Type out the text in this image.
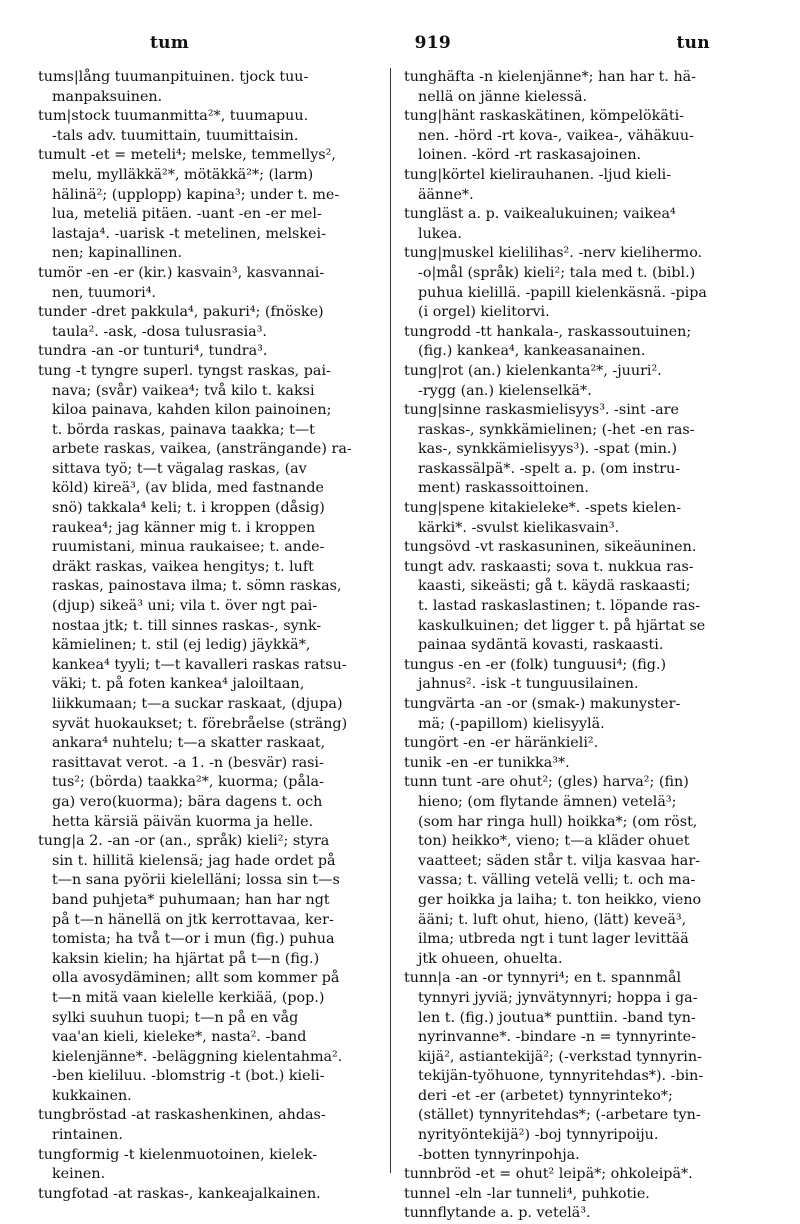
tum	919	tun
tums|lång tuumanpituinen. tjock tuu-
manpaksuinen.
tum|stock tuumanmitta²*, tuumapuu.
-tals adv. tuumittain, tuumittaisin.
tumult -et = meteli⁴; melske, temmellys²,
melu, mylläkkä²*, mötäkkä²*; (larm)
hälinä²; (upplopp) kapina³; under t. me-
lua, meteliä pitäen. -uant -en -er mel-
lastaja⁴. -uarisk -t metelinen, melskei-
nen; kapinallinen.
tumör -en -er (kir.) kasvain³, kasvannai-
nen, tuumori⁴.
tunder -dret pakkula⁴, pakuri⁴; (fnöske)
taula². -ask, -dosa tulusrasia³.
tundra -an -or tunturi⁴, tundra³.
tung -t tyngre superl. tyngst raskas, pai-
nava; (svår) vaikea⁴; två kilo t. kaksi
kiloa painava, kahden kilon painoinen;
t. börda raskas, painava taakka; t—t
arbete raskas, vaikea, (ansträngande) ra-
sittava työ; t—t vägalag raskas, (av
köld) kireä³, (av blida, med fastnande
snö) takkala⁴ keli; t. i kroppen (dåsig)
raukea⁴; jag känner mig t. i kroppen
ruumistani, minua raukaisee; t. ande-
dräkt raskas, vaikea hengitys; t. luft
raskas, painostava ilma; t. sömn raskas,
(djup) sikeä³ uni; vila t. över ngt pai-
nostaa jtk; t. till sinnes raskas-, synk-
kämielinen; t. stil (ej ledig) jäykkä*,
kankea⁴ tyyli; t—t kavalleri raskas ratsu-
väki; t. på foten kankea⁴ jaloiltaan,
liikkumaan; t—a suckar raskaat, (djupa)
syvät huokaukset; t. förebråelse (sträng)
ankara⁴ nuhtelu; t—a skatter raskaat,
rasittavat verot. -a 1. -n (besvär) rasi-
tus²; (börda) taakka²*, kuorma; (påla-
ga) vero(kuorma); bära dagens t. och
hetta kärsiä päivän kuorma ja helle.
tung|a 2. -an -or (an., språk) kieli²; styra
sin t. hillitä kielensä; jag hade ordet på
t—n sana pyörii kielelläni; lossa sin t—s
band puhjeta* puhumaan; han har ngt
på t—n hänellä on jtk kerrottavaa, ker-
tomista; ha två t—or i mun (fig.) puhua
kaksin kielin; ha hjärtat på t—n (fig.)
olla avosydäminen; allt som kommer på
t—n mitä vaan kielelle kerkiää, (pop.)
sylki suuhun tuopi; t—n på en våg
vaa'an kieli, kieleke*, nasta². -band
kielenjänne*. -beläggning kielentahma².
-ben kieliluu. -blomstrig -t (bot.) kieli-
kukkainen.
tungbröstad -at raskashenkinen, ahdas-
rintainen.
tungformig -t kielenmuotoinen, kielek-
keinen.
tungfotad -at raskas-, kankeajalkainen.
tunghäfta -n kielenjänne*; han har t. hä-
nellä on jänne kielessä.
tung|hänt raskaskätinen, kömpelökäti-
nen. -hörd -rt kova-, vaikea-, vähäkuu-
loinen. -körd -rt raskasajoinen.
tung|körtel kielirauhanen. -ljud kieli-
äänne*.
tungläst a. p. vaikealukuinen; vaikea⁴
lukea.
tung|muskel kielilihas². -nerv kielihermo.
-o|mål (språk) kieli²; tala med t. (bibl.)
puhua kielillä. -papill kielenkäsnä. -pipa
(i orgel) kielitorvi.
tungrodd -tt hankala-, raskassoutuinen;
(fig.) kankea⁴, kankeasanainen.
tung|rot (an.) kielenkanta²*, -juuri².
-rygg (an.) kielenselkä*.
tung|sinne raskasmielisyys³. -sint -are
raskas-, synkkämielinen; (-het -en ras-
kas-, synkkämielisyys³). -spat (min.)
raskassälpä*. -spelt a. p. (om instru-
ment) raskassoittoinen.
tung|spene kitakieleke*. -spets kielen-
kärki*. -svulst kielikasvain³.
tungsövd -vt raskasuninen, sikeäuninen.
tungt adv. raskaasti; sova t. nukkua ras-
kaasti, sikeästi; gå t. käydä raskaasti;
t. lastad raskaslastinen; t. löpande ras-
kaskulkuinen; det ligger t. på hjärtat se
painaa sydäntä kovasti, raskaasti.
tungus -en -er (folk) tunguusi⁴; (fig.)
jahnus². -isk -t tunguusilainen.
tungvärta -an -or (smak-) makunyster-
mä; (-papillom) kielisyylä.
tungört -en -er häränkieli².
tunik -en -er tunikka³*.
tunn tunt -are ohut²; (gles) harva²; (fin)
hieno; (om flytande ämnen) vetelä³;
(som har ringa hull) hoikka*; (om röst,
ton) heikko*, vieno; t—a kläder ohuet
vaatteet; säden står t. vilja kasvaa har-
vassa; t. välling vetelä velli; t. och ma-
ger hoikka ja laiha; t. ton heikko, vieno
ääni; t. luft ohut, hieno, (lätt) keveä³,
ilma; utbreda ngt i tunt lager levittää
jtk ohueen, ohuelta.
tunn|a -an -or tynnyri⁴; en t. spannmål
tynnyri jyviä; jynvätynnyri; hoppa i ga-
len t. (fig.) joutua* punttiin. -band tyn-
nyrinvanne*. -bindare -n = tynnyrinte-
kijä², astiantekijä²; (-verkstad tynnyrin-
tekijän-työhuone, tynnyritehdas*). -bin-
deri -et -er (arbetet) tynnyrinteko*;
(stället) tynnyritehdas*; (-arbetare tyn-
nyrityöntekijä²) -boj tynnyripoiju.
-botten tynnyrinpohja.
tunnbröd -et = ohut² leipä*; ohkoleipä*.
tunnel -eln -lar tunneli⁴, puhkotie.
tunnflytande a. p. vetelä³.
